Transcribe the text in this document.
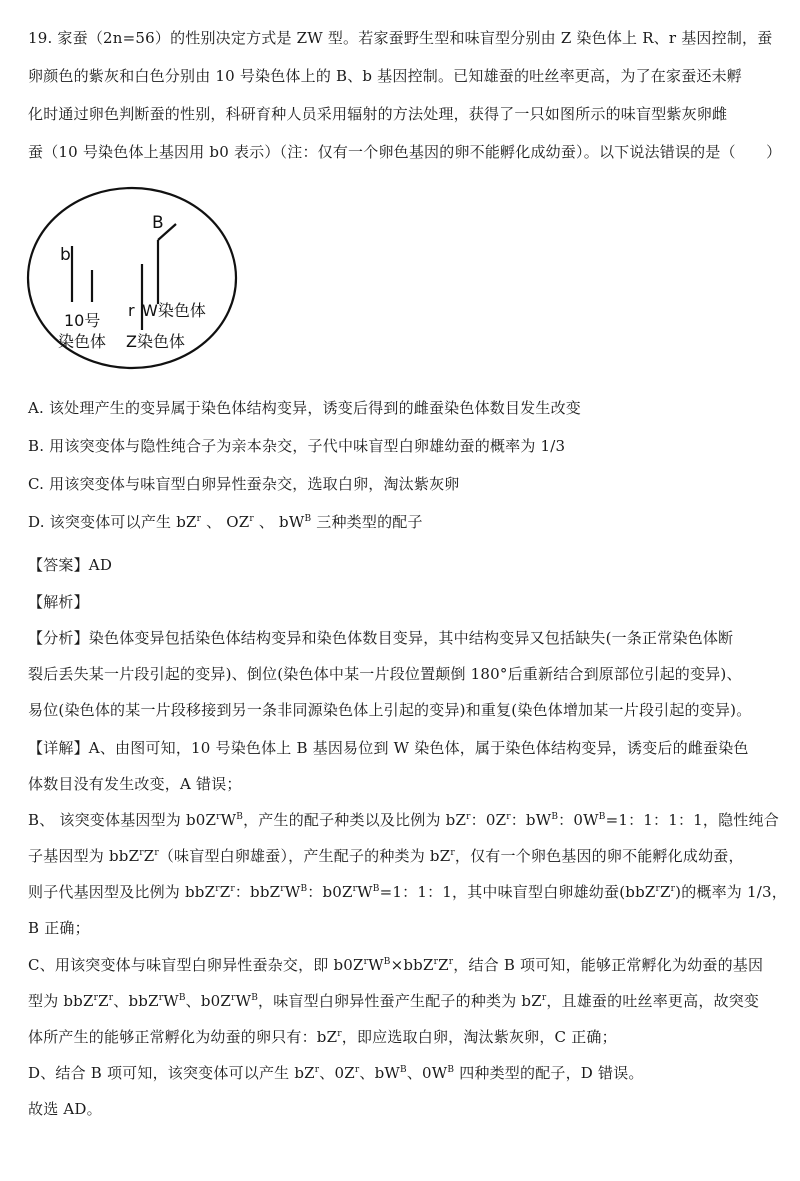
19. 家蚕（2n=56）的性别决定方式是 ZW 型。若家蚕野生型和味盲型分别由 Z 染色体上 R、r 基因控制，蚕
卵颜色的紫灰和白色分别由 10 号染色体上的 B、b 基因控制。已知雄蚕的吐丝率更高，为了在家蚕还未孵
化时通过卵色判断蚕的性别，科研育种人员采用辐射的方法处理，获得了一只如图所示的味盲型紫灰卵雌
蚕（10 号染色体上基因用 b0 表示）（注：仅有一个卵色基因的卵不能孵化成幼蚕）。以下说法错误的是（　　）
b
B
r
10号
染色体
W染色体
Z染色体
A. 该处理产生的变异属于染色体结构变异，诱变后得到的雌蚕染色体数目发生改变
B. 用该突变体与隐性纯合子为亲本杂交，子代中味盲型白卵雄幼蚕的概率为 1/3
C. 用该突变体与味盲型白卵异性蚕杂交，选取白卵，淘汰紫灰卵
D. 该突变体可以产生 $bZ^r$ 、 $OZ^r$ 、 $bW^B$ 三种类型的配子
【答案】AD
【解析】
【分析】染色体变异包括染色体结构变异和染色体数目变异，其中结构变异又包括缺失(一条正常染色体断
裂后丢失某一片段引起的变异)、倒位(染色体中某一片段位置颠倒 180°后重新结合到原部位引起的变异)、
易位(染色体的某一片段移接到另一条非同源染色体上引起的变异)和重复(染色体增加某一片段引起的变异)。
【详解】A、由图可知，10 号染色体上 B 基因易位到 W 染色体，属于染色体结构变异，诱变后的雌蚕染色
体数目没有发生改变，A 错误；
B、 该突变体基因型为 $b0Z^rW^B$，产生的配子种类以及比例为 $bZ^r$：$0Z^r$：$bW^B$：$0W^B=1$：1：1：1，隐性纯合
子基因型为 $bbZ^rZ^r$（味盲型白卵雄蚕），产生配子的种类为 $bZ^r$，仅有一个卵色基因的卵不能孵化成幼蚕，
则子代基因型及比例为 $bbZ^rZ^r$：$bbZ^rW^B$：$b0Z^rW^B=1$：1：1，其中味盲型白卵雄幼蚕$(bbZ^rZ^r)$的概率为 1/3，
B 正确；
C、用该突变体与味盲型白卵异性蚕杂交，即 $b0Z^rW^B\times bbZ^rZ^r$，结合 B 项可知，能够正常孵化为幼蚕的基因
型为 $bbZ^rZ^r$、$bbZ^rW^B$、$b0Z^rW^B$，味盲型白卵异性蚕产生配子的种类为 $bZ^r$，且雄蚕的吐丝率更高，故突变
体所产生的能够正常孵化为幼蚕的卵只有：$bZ^r$，即应选取白卵，淘汰紫灰卵，C 正确；
D、结合 B 项可知，该突变体可以产生 $bZ^r$、$0Z^r$、$bW^B$、$0W^B$ 四种类型的配子，D 错误。
故选 AD。
